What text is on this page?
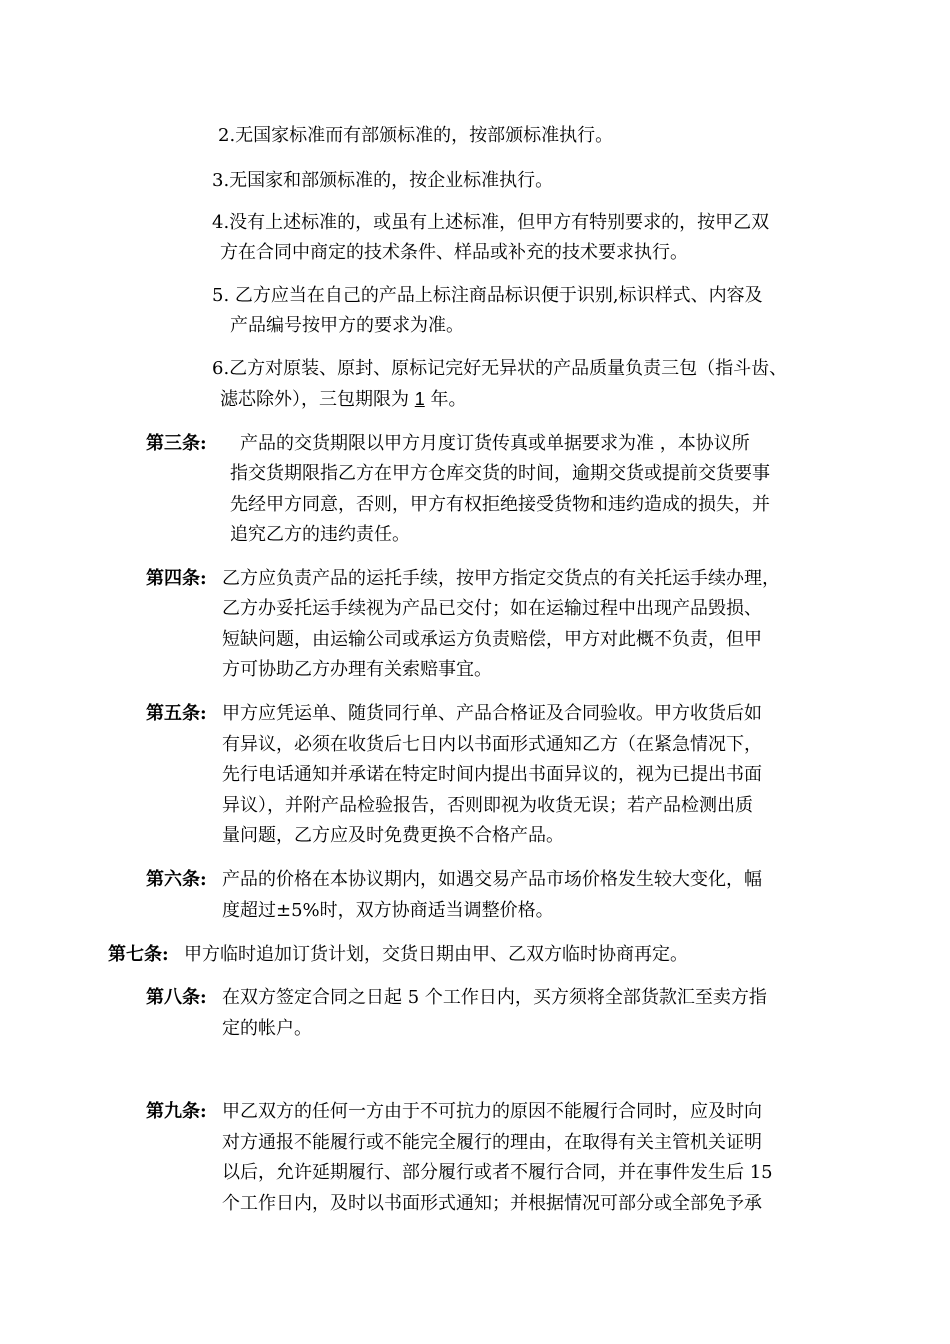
2.无国家标准而有部颁标准的，按部颁标准执行。
3.无国家和部颁标准的，按企业标准执行。
4.没有上述标准的，或虽有上述标准，但甲方有特别要求的，按甲乙双
方在合同中商定的技术条件、样品或补充的技术要求执行。
5. 乙方应当在自己的产品上标注商品标识便于识别,标识样式、内容及
产品编号按甲方的要求为准。
6.乙方对原装、原封、原标记完好无异状的产品质量负责三包（指斗齿、
滤芯除外），三包期限为 1 年。
第三条: 产品的交货期限以甲方月度订货传真或单据要求为准 ，本协议所
指交货期限指乙方在甲方仓库交货的时间，逾期交货或提前交货要事
先经甲方同意，否则，甲方有权拒绝接受货物和违约造成的损失，并
追究乙方的违约责任。
第四条: 乙方应负责产品的运托手续，按甲方指定交货点的有关托运手续办理，
乙方办妥托运手续视为产品已交付；如在运输过程中出现产品毁损、
短缺问题，由运输公司或承运方负责赔偿，甲方对此概不负责，但甲
方可协助乙方办理有关索赔事宜。
第五条: 甲方应凭运单、随货同行单、产品合格证及合同验收。甲方收货后如
有异议，必须在收货后七日内以书面形式通知乙方（在紧急情况下，
先行电话通知并承诺在特定时间内提出书面异议的，视为已提出书面
异议），并附产品检验报告，否则即视为收货无误；若产品检测出质
量问题，乙方应及时免费更换不合格产品。
第六条: 产品的价格在本协议期内，如遇交易产品市场价格发生较大变化，幅
度超过±5%时，双方协商适当调整价格。
第七条: 甲方临时追加订货计划，交货日期由甲、乙双方临时协商再定。
第八条: 在双方签定合同之日起 5 个工作日内，买方须将全部货款汇至卖方指
定的帐户。
第九条: 甲乙双方的任何一方由于不可抗力的原因不能履行合同时，应及时向
对方通报不能履行或不能完全履行的理由，在取得有关主管机关证明
以后，允许延期履行、部分履行或者不履行合同，并在事件发生后 15
个工作日内，及时以书面形式通知；并根据情况可部分或全部免予承
